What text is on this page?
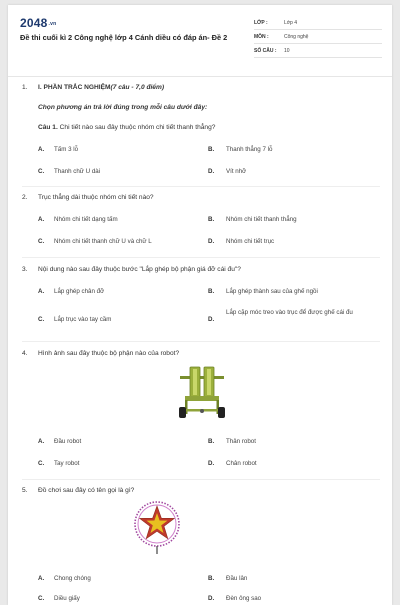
2048.vn
Đề thi cuối kì 2 Công nghệ lớp 4 Cánh diều có đáp án- Đề 2
LỚP :	Lớp 4
MÔN :	Công nghệ
SỐ CÂU : 10
1. I. PHẦN TRẮC NGHIỆM(7 câu - 7,0 điểm)
Chọn phương án trả lời đúng trong mỗi câu dưới đây:
Câu 1. Chi tiết nào sau đây thuộc nhóm chi tiết thanh thẳng?
A. Tấm 3 lỗ	B. Thanh thẳng 7 lỗ
C. Thanh chữ U dài	D. Vít nhỡ
2. Trục thẳng dài thuộc nhóm chi tiết nào?
A. Nhóm chi tiết dạng tấm	B. Nhóm chi tiết thanh thẳng
C. Nhóm chi tiết thanh chữ U và chữ L	D. Nhóm chi tiết trục
3. Nội dung nào sau đây thuộc bước "Lắp ghép bộ phận giá đỡ cái đu"?
A. Lắp ghép chân đỡ	B. Lắp ghép thành sau của ghế ngồi
C. Lắp trục vào tay cầm	D.
Lắp cặp móc treo vào trục để được ghế cái đu
4. Hình ảnh sau đây thuộc bộ phận nào của robot?
A. Đầu robot	B. Thân robot
C. Tay robot	D. Chân robot
5. Đồ chơi sau đây có tên gọi là gì?
A. Chong chóng	B. Đầu lân
C. Diều giấy	D. Đèn ông sao
